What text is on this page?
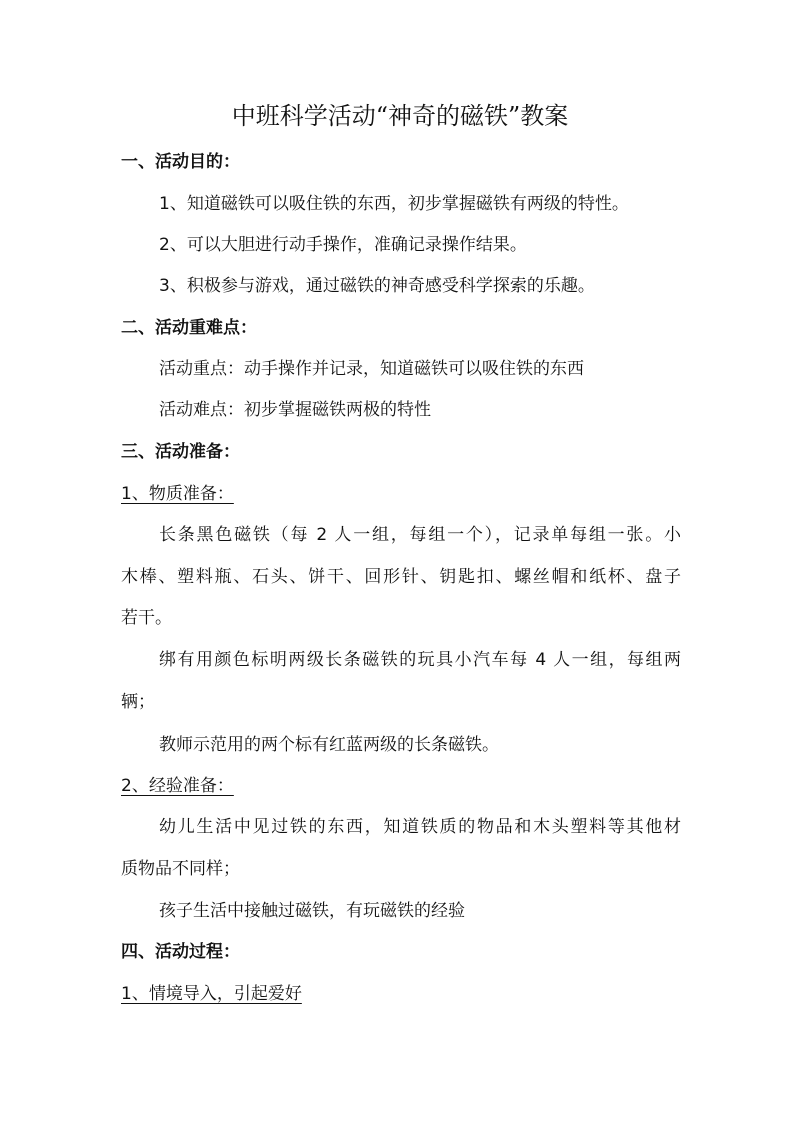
中班科学活动“神奇的磁铁”教案
一、活动目的：
1、知道磁铁可以吸住铁的东西，初步掌握磁铁有两级的特性。
2、可以大胆进行动手操作，准确记录操作结果。
3、积极参与游戏，通过磁铁的神奇感受科学探索的乐趣。
二、活动重难点：
活动重点：动手操作并记录，知道磁铁可以吸住铁的东西
活动难点：初步掌握磁铁两极的特性
三、活动准备：
1、物质准备：
长条黑色磁铁（每 2 人一组，每组一个），记录单每组一张。小
木棒、塑料瓶、石头、饼干、回形针、钥匙扣、螺丝帽和纸杯、盘子
若干。
绑有用颜色标明两级长条磁铁的玩具小汽车每 4 人一组，每组两
辆；
教师示范用的两个标有红蓝两级的长条磁铁。
2、经验准备：
幼儿生活中见过铁的东西，知道铁质的物品和木头塑料等其他材
质物品不同样；
孩子生活中接触过磁铁，有玩磁铁的经验
四、活动过程：
1、情境导入，引起爱好
